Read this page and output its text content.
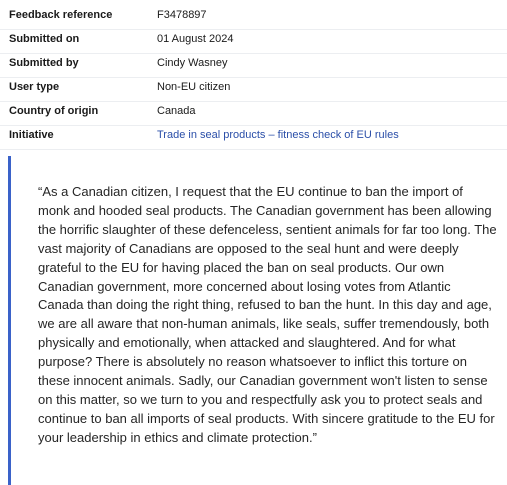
Feedback reference	F3478897
Submitted on	01 August 2024
Submitted by	Cindy Wasney
User type	Non-EU citizen
Country of origin	Canada
Initiative	Trade in seal products – fitness check of EU rules

“As a Canadian citizen, I request that the EU continue to ban the import of monk and hooded seal products. The Canadian government has been allowing the horrific slaughter of these defenceless, sentient animals for far too long. The vast majority of Canadians are opposed to the seal hunt and were deeply grateful to the EU for having placed the ban on seal products. Our own Canadian government, more concerned about losing votes from Atlantic Canada than doing the right thing, refused to ban the hunt. In this day and age, we are all aware that non-human animals, like seals, suffer tremendously, both physically and emotionally, when attacked and slaughtered. And for what purpose? There is absolutely no reason whatsoever to inflict this torture on these innocent animals. Sadly, our Canadian government won't listen to sense on this matter, so we turn to you and respectfully ask you to protect seals and continue to ban all imports of seal products. With sincere gratitude to the EU for your leadership in ethics and climate protection.”
